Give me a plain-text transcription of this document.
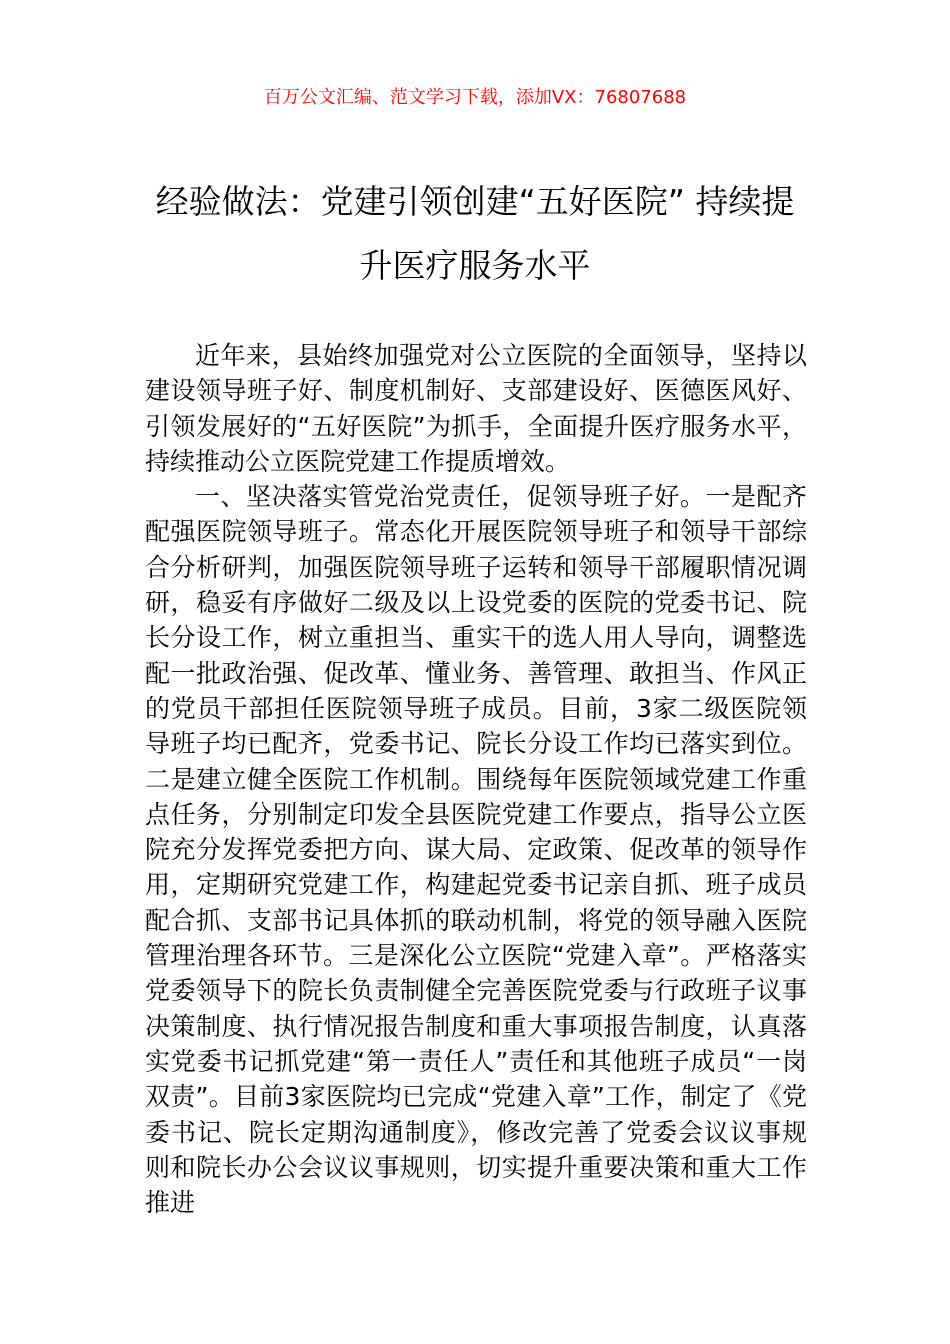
百万公文汇编、范文学习下载，添加VX：76807688
经验做法：党建引领创建“五好医院” 持续提升医疗服务水平

近年来，县始终加强党对公立医院的全面领导，坚持以建设领导班子好、制度机制好、支部建设好、医德医风好、引领发展好的“五好医院”为抓手，全面提升医疗服务水平，持续推动公立医院党建工作提质增效。

一、坚决落实管党治党责任，促领导班子好。一是配齐配强医院领导班子。常态化开展医院领导班子和领导干部综合分析研判，加强医院领导班子运转和领导干部履职情况调研，稳妥有序做好二级及以上设党委的医院的党委书记、院长分设工作，树立重担当、重实干的选人用人导向，调整选配一批政治强、促改革、懂业务、善管理、敢担当、作风正的党员干部担任医院领导班子成员。目前，3家二级医院领导班子均已配齐，党委书记、院长分设工作均已落实到位。二是建立健全医院工作机制。围绕每年医院领域党建工作重点任务，分别制定印发全县医院党建工作要点，指导公立医院充分发挥党委把方向、谋大局、定政策、促改革的领导作用，定期研究党建工作，构建起党委书记亲自抓、班子成员配合抓、支部书记具体抓的联动机制，将党的领导融入医院管理治理各环节。三是深化公立医院“党建入章”。严格落实党委领导下的院长负责制健全完善医院党委与行政班子议事决策制度、执行情况报告制度和重大事项报告制度，认真落实党委书记抓党建“第一责任人”责任和其他班子成员“一岗双责”。目前3家医院均已完成“党建入章”工作，制定了《党委书记、院长定期沟通制度》，修改完善了党委会议议事规则和院长办公会议议事规则，切实提升重要决策和重大工作推进
